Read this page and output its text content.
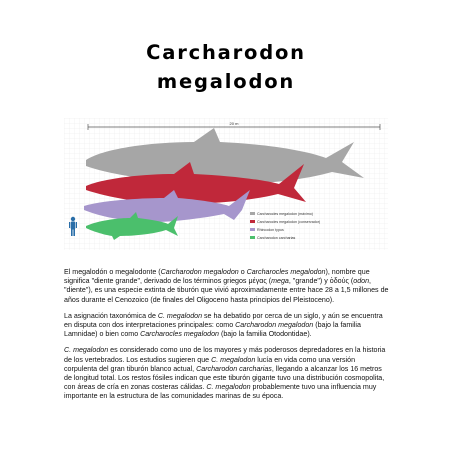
Carcharodon
megalodon
20 m
Carcharocles megalodon (máximo)
Carcharocles megalodon (conservador)
Rhincodon typus
Carcharodon carcharias

El megalodón o megalodonte (Carcharodon megalodon o Carcharocles megalodon), nombre que significa "diente grande", derivado de los términos griegos μέγας (mega, "grande") y ὀδούς (odon, "diente"), es una especie extinta de tiburón que vivió aproximadamente entre hace 28 a 1,5 millones de años durante el Cenozoico (de finales del Oligoceno hasta principios del Pleistoceno).

La asignación taxonómica de C. megalodon se ha debatido por cerca de un siglo, y aún se encuentra en disputa con dos interpretaciones principales: como Carcharodon megalodon (bajo la familia Lamnidae) o bien como Carcharocles megalodon (bajo la familia Otodontidae).

C. megalodon es considerado como uno de los mayores y más poderosos depredadores en la historia de los vertebrados. Los estudios sugieren que C. megalodon lucía en vida como una versión corpulenta del gran tiburón blanco actual, Carcharodon carcharias, llegando a alcanzar los 16 metros de longitud total. Los restos fósiles indican que este tiburón gigante tuvo una distribución cosmopolita, con áreas de cría en zonas costeras cálidas. C. megalodon probablemente tuvo una influencia muy importante en la estructura de las comunidades marinas de su época.
